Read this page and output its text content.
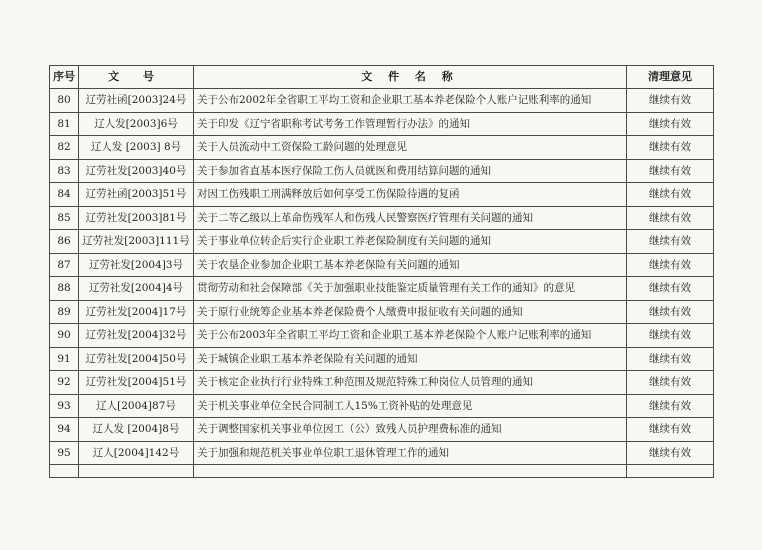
序号	文 号	文 件 名 称	清理意见
80	辽劳社函[2003]24号	关于公布2002年全省职工平均工资和企业职工基本养老保险个人账户记账利率的通知	继续有效
81	辽人发[2003]6号	关于印发《辽宁省职称考试考务工作管理暂行办法》的通知	继续有效
82	辽人发 [2003] 8号	关于人员流动中工资保险工龄问题的处理意见	继续有效
83	辽劳社发[2003]40号	关于参加省直基本医疗保险工伤人员就医和费用结算问题的通知	继续有效
84	辽劳社函[2003]51号	对因工伤残职工刑满释放后如何享受工伤保险待遇的复函	继续有效
85	辽劳社发[2003]81号	关于二等乙级以上革命伤残军人和伤残人民警察医疗管理有关问题的通知	继续有效
86	辽劳社发[2003]111号	关于事业单位转企后实行企业职工养老保险制度有关问题的通知	继续有效
87	辽劳社发[2004]3号	关于农垦企业参加企业职工基本养老保险有关问题的通知	继续有效
88	辽劳社发[2004]4号	贯彻劳动和社会保障部《关于加强职业技能鉴定质量管理有关工作的通知》的意见	继续有效
89	辽劳社发[2004]17号	关于原行业统筹企业基本养老保险费个人缴费申报征收有关问题的通知	继续有效
90	辽劳社发[2004]32号	关于公布2003年全省职工平均工资和企业职工基本养老保险个人账户记账利率的通知	继续有效
91	辽劳社发[2004]50号	关于城镇企业职工基本养老保险有关问题的通知	继续有效
92	辽劳社发[2004]51号	关于核定企业执行行业特殊工种范围及规范特殊工种岗位人员管理的通知	继续有效
93	辽人[2004]87号	关于机关事业单位全民合同制工人15%工资补贴的处理意见	继续有效
94	辽人发 [2004]8号	关于调整国家机关事业单位因工（公）致残人员护理费标准的通知	继续有效
95	辽人[2004]142号	关于加强和规范机关事业单位职工退休管理工作的通知	继续有效
